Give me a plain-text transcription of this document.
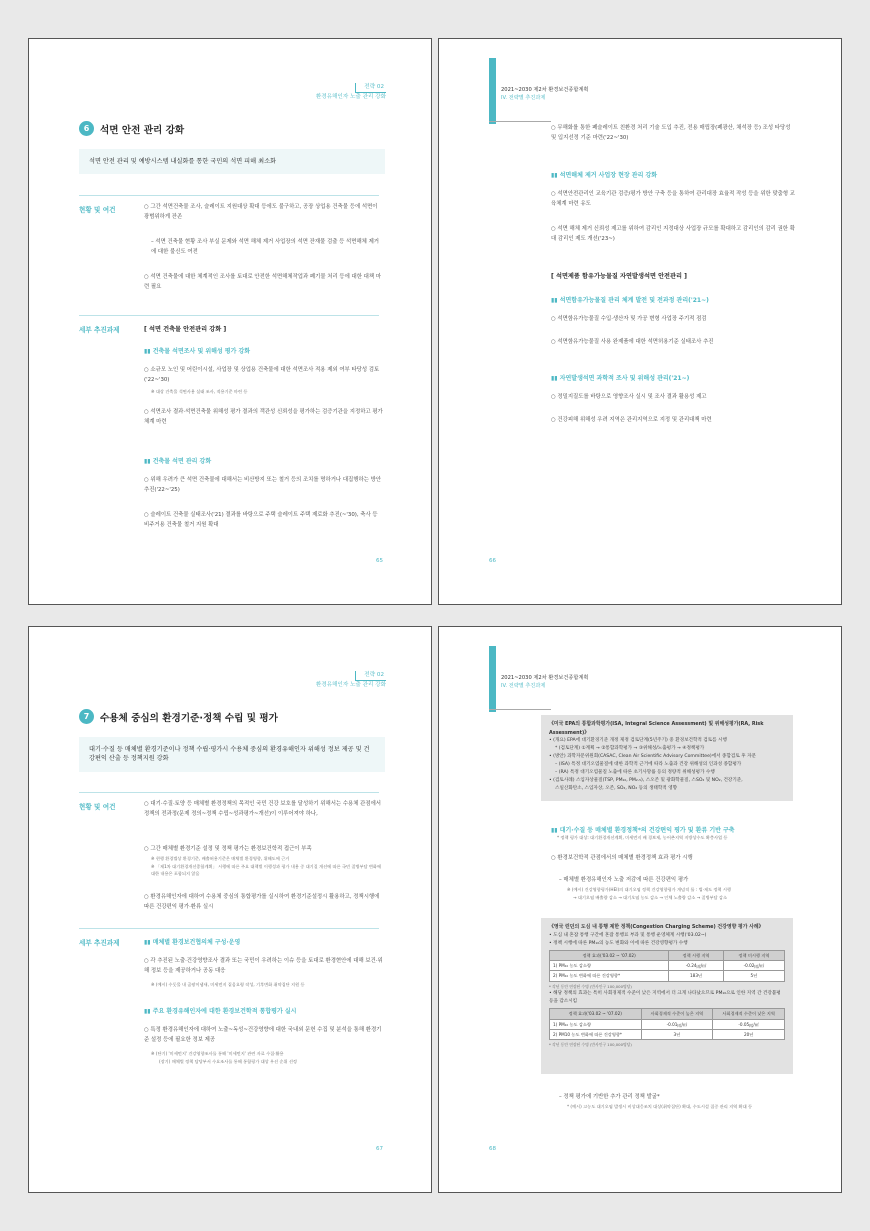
전략 02
환경유해인자 노출 관리 강화
6	석면 안전 관리 강화
석면 안전 관리 및 예방시스템 내실화를 통한 국민의 석면 피해 최소화
현황 및 여건	○ 그간 석면건축물 조사, 슬레이트 지원대상 확대 등에도 불구하고, 공장 상업용 건축물 등에 석면이 광범위하게 잔존
– 석면 건축물 현황 조사 부실 문제와 석면 해체 제거 사업장의 석면 잔재물 검출 등 석면해체 제거에 대한 불신도 여전
○ 석면 건축물에 대한 체계적인 조사를 토대로 안전한 석면해체작업과 폐기물 처리 등에 대한 대책 마련 필요
세부 추진과제	[ 석면 건축물 안전관리 강화 ]
▮▮ 건축물 석면조사 및 위해성 평가 강화
○ 소규모 노인 및 어린이시설, 사업장 및 상업용 건축물에 대한 석면조사 적용 제외 여부 타당성 검토('22~'30)
※ 대상 건축물 석면사용 실태 조사, 적용기준 마련 등
○ 석면조사 결과·석면건축물 위해성 평가 결과의 객관성 신뢰성을 평가하는 검증기관을 지정하고 평가체계 마련
▮▮ 건축물 석면 관리 강화
○ 위해 우려가 큰 석면 건축물에 대해서는 비산방지 또는 철거 등의 조치를 명하거나 대집행하는 방안 추진('22~'25)
○ 슬레이트 건축물 실태조사('21) 결과를 바탕으로 주택 슬레이트 주택 제로화 추진(~'30), 축사 등 비주거용 건축물 철거 지원 확대
65
2021~2030 제2차 환경보건종합계획
IV. 전략별 추진과제
○ 무해화를 통한 폐슬레이트 친환경 처리 기술 도입 추진, 전용 매립장(폐광산, 채석장 등) 조성 타당성 및 입지선정 기준 마련('22~'30)
▮▮ 석면해체 제거 사업장 현장 관리 강화
○ 석면안전관리인 교육기관 검증/평가 방안 구축 등을 통하여 관리대장 효율적 작성 등을 위한 맞춤형 교육체계 마련 유도
○ 석면 해체 제거 신뢰성 제고를 위하여 감리인 지정대상 사업장 규모를 확대하고 감리인의 감리 권한 확대 감리인 제도 개선('23~)
[ 석면제품 함유가능물질 자연발생석면 안전관리 ]
▮▮ 석면함유가능물질 관리 체계 발전 및 전과정 관리('21~)
○ 석면함유가능물질 수입·생산자 및 가공 변형 사업장 주기적 점검
○ 석면함유가능물질 사용 완제품에 대한 석면허용기준 실태조사 추진
▮▮ 자연발생석면 과학적 조사 및 위해성 관리('21~)
○ 정밀지질도를 바탕으로 영향조사 실시 및 조사 결과 활용성 제고
○ 건강피해 위해성 우려 지역은 관리지역으로 지정 및 관리대책 마련
66
전략 02
환경유해인자 노출 관리 강화
7	수용체 중심의 환경기준·정책 수립 및 평가
대기·수질 등 매체별 환경기준이나 정책 수립·평가시 수용체 중심의 환경유해인자 위해성 정보 제공 및 건강편익 산출 등 정책지원 강화
현황 및 여건	○ 대기·수질·토양 등 매체별 환경정책의 목적인 국민 건강 보호를 달성하기 위해서는 수용체 관점에서 정책의 전과정(문제 정의~정책 수립~성과평가~개선)이 이루어져야 하나,
○ 그간 매체별 환경기준 설정 및 정책 평가는 환경보건학적 접근이 부족
※ 현행 환경법상 환경기준, 배출허용기준은 매체별 환경영향, 위해도에 근거
※ 「제1차 대기환경개선종합계획」 시행에 따른 주요 대책별 이행성과 평가 내용 중 대기질 개선에 따른 국민 질병부담 변화에 대한 내용은 포함되지 않음
○ 환경유해인자에 대하여 수용체 중심의 통합평가를 실시하여 환경기준설정시 활용하고, 정책시행에 따른 건강편익 평가·환류 실시
세부 추진과제	▮▮ 매체별 환경보건협의체 구성·운영
○ 각 추진된 노출·건강영향조사 결과 또는 국민이 우려하는 이슈 등을 토대로 환경현안에 대해 보건·위해 정보 등을 제공하거나 공동 대응
※ (예시) 수돗물 내 곰팡이냄새, 미세먼지 짙음요령 작성, 기후변화 취약집단 지원 등
▮▮ 주요 환경유해인자에 대한 환경보건학적 통합평가 실시
○ 특정 환경유해인자에 대하여 노출~독성~건강영향에 대한 국내외 문헌 수집 및 분석을 통해 환경기준 설정 등에 필요한 정보 제공
※ (단기) '미세먼지' 건강영향조사를 통해 '미세먼지' 관련 자료 수집·활용
(장기) 매체별 정책 담당부서 수요조사를 통해 통합평가 대상 우선 순위 선정
67
2021~2030 제2차 환경보건종합계획
IV. 전략별 추진과제
《미국 EPA의 통합과학평가(ISA, Integral Science Assessment) 및 위해성평가(RA, Risk Assessment)》
• (개요) EPA에 대기환경기준 개정 제정 검토단계(5년주기) 중 환경보건학적 검토를 시행
* (검토단계) ①계획 → ②통합과학평가 → ③위해성/노출평가 → ④정책평가
• (방안) 과학자문위원회(CASAC, Clean Air Scientific Advisory Committee)에서 종합검토 후 자문
– (ISA) 특정 대기오염물질에 대한 과학적 근거에 따라 노출과 건강 위해성의 인과성 종합평가
– (RA) 특정 대기오염물질 노출에 따른 초기사망률 등의 정량적 위해성평가 수행
• (검토사례) 스입자상물질(TSP, PM₁₀, PM₂.₅), 스오존 및 광화학물질, 스SO₂ 및 NO₂, 건강기준,
스일산화탄소, 스입자상, 오존, SO₂, NO₂ 등의 생태학적 영향
▮▮ 대기·수질 등 매체별 환경정책*의 건강편익 평가 및 환류 기반 구축
* 정책 평가 대상: 대기환경개선계획, 미세먼지 배 경보제, 농어촌지역 지방상수도 확충사업 등
○ 환경보건학적 관점에서의 매체별 환경정책 효과 평가 시행
– 매체별 환경유해인자 노출 저감에 따른 건강편익 평가
※ (예시) 건강영향평가(HEI)의 대기오염 정책 건강영향평가 개념적 틀 : 법·제도 정책 시행
→ 대기오염 배출량 감소 → 대기오염 농도 감소 → 인체 노출량 감소 → 질병부담 감소
《영국 런던의 도심 내 통행 제한 정책(Congestion Charging Scheme) 건강영향 평가 사례》
• 도심 내 혼잡 통행 구간에 혼잡 통행료 부과 및 통행 운영체계 시행('03.02~)
• 정책 시행에 따른 PM₁₀의 농도 변화와 이에 따른 건강영향평가 수행
정책 효과('03.02 ~ '07.02)	정책 시행 지역	정책 미시행 지역
1) PM₁₀ 농도 감소량	-0.24㎍/㎥	-0.02㎍/㎥
2) PM₁₀ 농도 변화에 따른 건강영향*	183년	5년
* 각년 동안 연장된 수명 (만사인구 100,000명당)
• 해당 정책의 효과는 특히 사회경제적 수준이 낮은 지역에서 더 크게 나타났으므로 PM₁₀으로 인한 지역 간 건강불평등을 감소시킴
정책 효과('03.02 ~ '07.02)	사회경제적 수준이 높은 지역	사회경제적 수준이 낮은 지역
1) PM₁₀ 농도 감소량	-0.01㎍/㎥	-0.05㎍/㎥
2) PM10 농도 변화에 따른 건강영향*	3년	20년
* 각년 동안 연장된 수명 (만사인구 100,000명당)
– 정책 평가에 기반한 추가 관리 정책 발굴*
* (예시) 고농도 대기오염 발생시 비상대응조치 대상(취약집단) 확대, 수도시설 집중 관리 지역 확대 등
68
